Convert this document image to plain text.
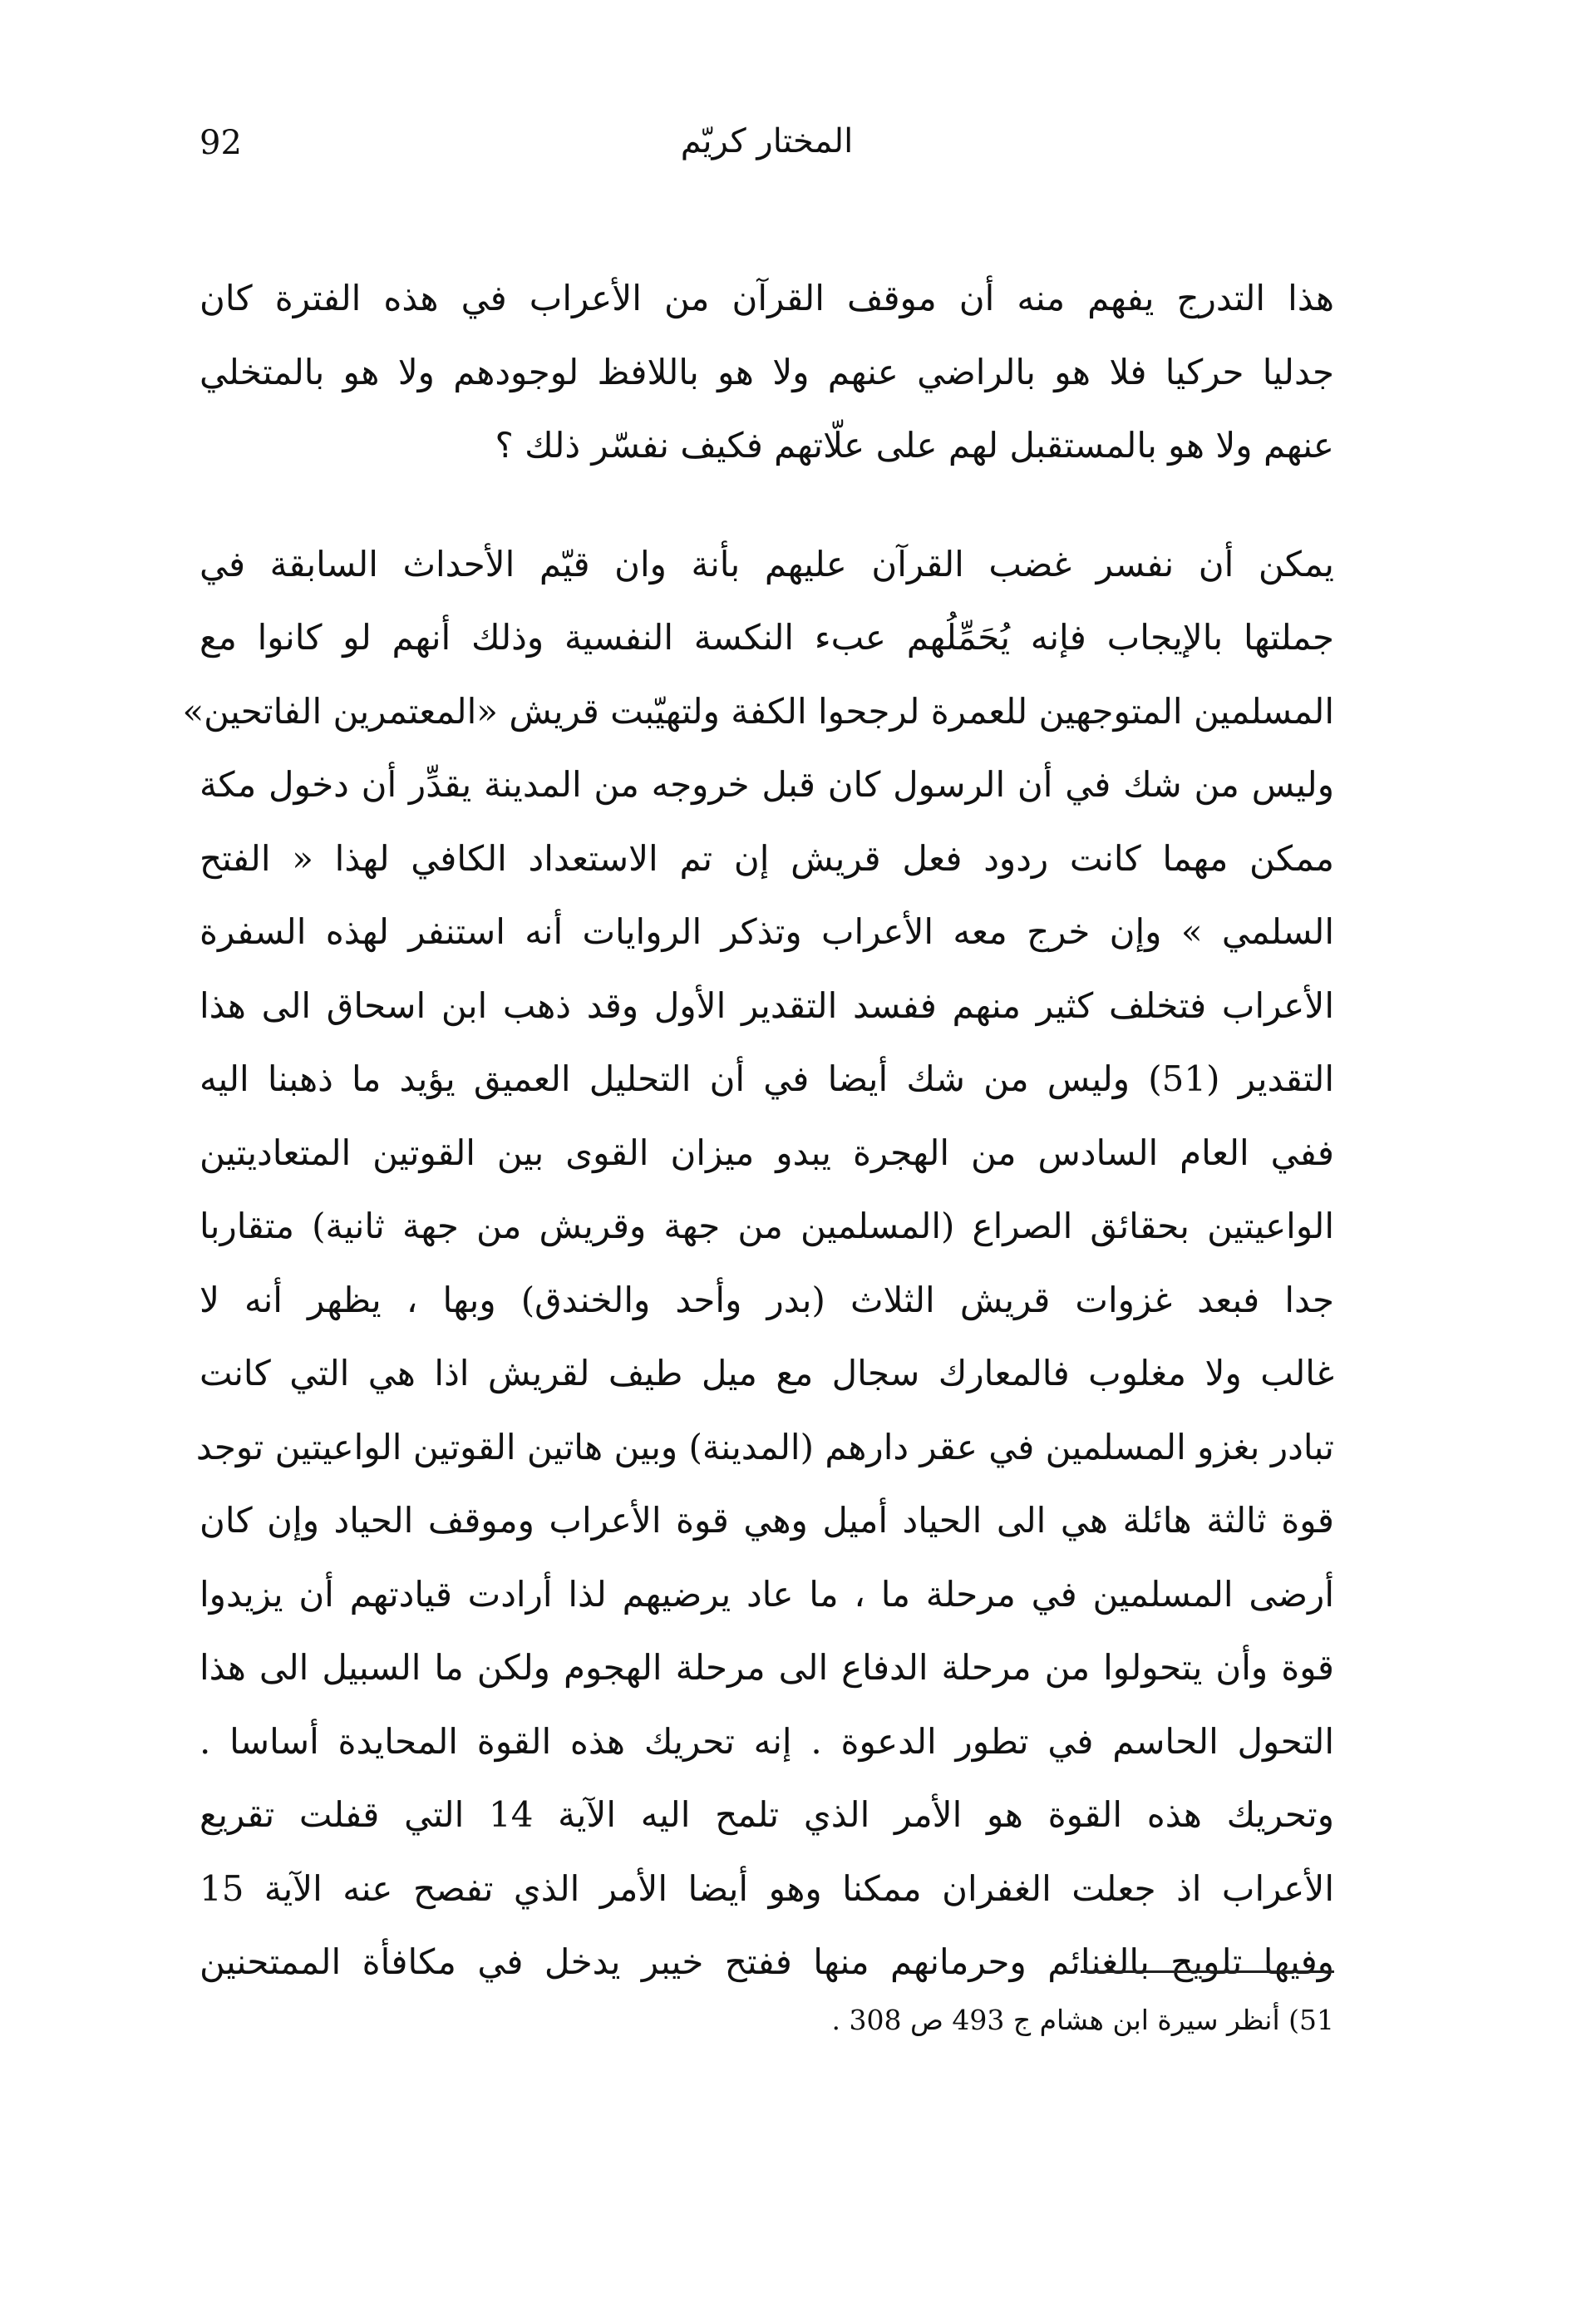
المختار كريّم
92
هذا التدرج يفهم منه أن موقف القرآن من الأعراب في هذه الفترة كان
جدليا حركيا فلا هو بالراضي عنهم ولا هو باللافظ لوجودهم ولا هو بالمتخلي
عنهم ولا هو بالمستقبل لهم على علّاتهم فكيف نفسّر ذلك ؟
يمكن أن نفسر غضب القرآن عليهم بأنة وان قيّم الأحداث السابقة في
جملتها بالإيجاب فإنه يُحَمِّلُهم عبء النكسة النفسية وذلك أنهم لو كانوا مع
المسلمين المتوجهين للعمرة لرجحوا الكفة ولتهيّبت قريش «المعتمرين الفاتحين»
وليس من شك في أن الرسول كان قبل خروجه من المدينة يقدِّر أن دخول مكة
ممكن مهما كانت ردود فعل قريش إن تم الاستعداد الكافي لهذا « الفتح
السلمي » وإن خرج معه الأعراب وتذكر الروايات أنه استنفر لهذه السفرة
الأعراب فتخلف كثير منهم ففسد التقدير الأول وقد ذهب ابن اسحاق الى هذا
التقدير (51) وليس من شك أيضا في أن التحليل العميق يؤيد ما ذهبنا اليه
ففي العام السادس من الهجرة يبدو ميزان القوى بين القوتين المتعاديتين
الواعيتين بحقائق الصراع (المسلمين من جهة وقريش من جهة ثانية) متقاربا
جدا فبعد غزوات قريش الثلاث (بدر وأحد والخندق) وبها ، يظهر أنه لا
غالب ولا مغلوب فالمعارك سجال مع ميل طيف لقريش اذا هي التي كانت
تبادر بغزو المسلمين في عقر دارهم (المدينة) وبين هاتين القوتين الواعيتين توجد
قوة ثالثة هائلة هي الى الحياد أميل وهي قوة الأعراب وموقف الحياد وإن كان
أرضى المسلمين في مرحلة ما ، ما عاد يرضيهم لذا أرادت قيادتهم أن يزيدوا
قوة وأن يتحولوا من مرحلة الدفاع الى مرحلة الهجوم ولكن ما السبيل الى هذا
التحول الحاسم في تطور الدعوة . إنه تحريك هذه القوة المحايدة أساسا .
وتحريك هذه القوة هو الأمر الذي تلمح اليه الآية 14 التي قفلت تقريع
الأعراب اذ جعلت الغفران ممكنا وهو أيضا الأمر الذي تفصح عنه الآية 15
وفيها تلويح بالغنائم وحرمانهم منها ففتح خيبر يدخل في مكافأة الممتحنين
51) أنظر سيرة ابن هشام ج 493 ص 308 .
